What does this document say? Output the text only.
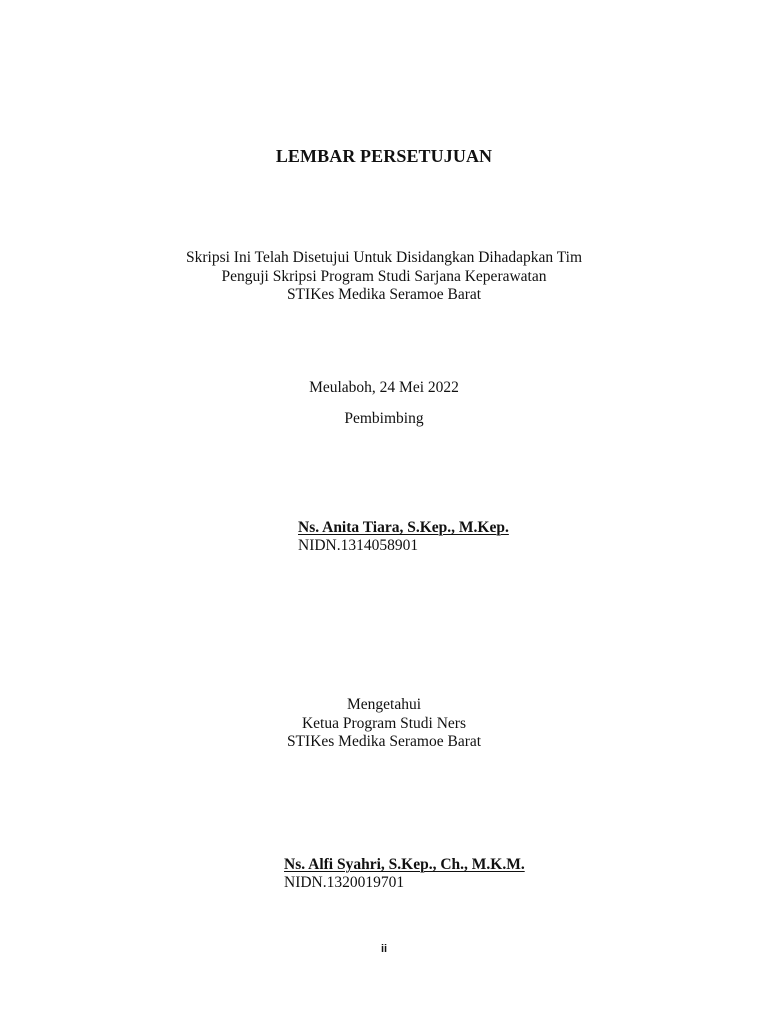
LEMBAR PERSETUJUAN
Skripsi Ini Telah Disetujui Untuk Disidangkan Dihadapkan Tim
Penguji Skripsi Program Studi Sarjana Keperawatan
STIKes Medika Seramoe Barat
Meulaboh, 24 Mei 2022
Pembimbing
Ns. Anita Tiara, S.Kep., M.Kep.
NIDN.1314058901
Mengetahui
Ketua Program Studi Ners
STIKes Medika Seramoe Barat
Ns. Alfi Syahri, S.Kep., Ch., M.K.M.
NIDN.1320019701
ii
